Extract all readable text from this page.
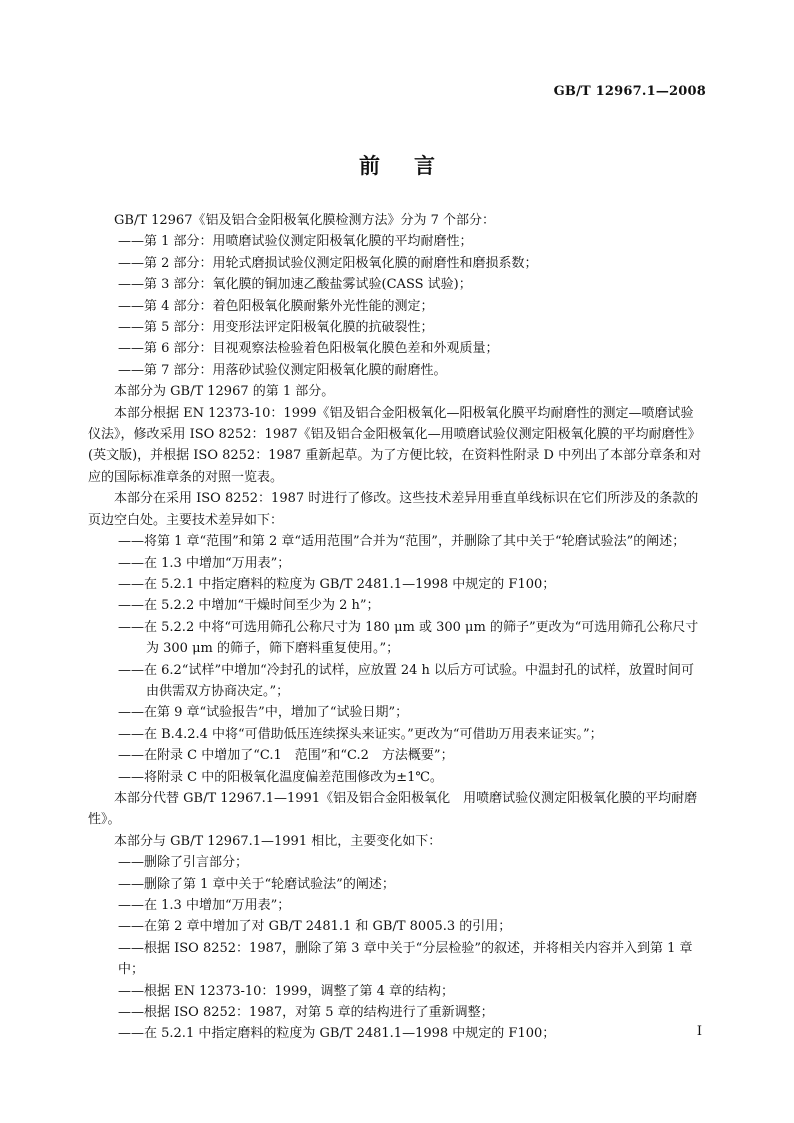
GB/T 12967.1—2008
前言

GB/T 12967《铝及铝合金阳极氧化膜检测方法》分为 7 个部分：

——第 1 部分：用喷磨试验仪测定阳极氧化膜的平均耐磨性；

——第 2 部分：用轮式磨损试验仪测定阳极氧化膜的耐磨性和磨损系数；

——第 3 部分：氧化膜的铜加速乙酸盐雾试验(CASS 试验)；

——第 4 部分：着色阳极氧化膜耐紫外光性能的测定；

——第 5 部分：用变形法评定阳极氧化膜的抗破裂性；

——第 6 部分：目视观察法检验着色阳极氧化膜色差和外观质量；

——第 7 部分：用落砂试验仪测定阳极氧化膜的耐磨性。

本部分为 GB/T 12967 的第 1 部分。

本部分根据 EN 12373-10：1999《铝及铝合金阳极氧化—阳极氧化膜平均耐磨性的测定—喷磨试验仪法》，修改采用 ISO 8252：1987《铝及铝合金阳极氧化—用喷磨试验仪测定阳极氧化膜的平均耐磨性》(英文版)，并根据 ISO 8252：1987 重新起草。为了方便比较，在资料性附录 D 中列出了本部分章条和对应的国际标准章条的对照一览表。

本部分在采用 ISO 8252：1987 时进行了修改。这些技术差异用垂直单线标识在它们所涉及的条款的页边空白处。主要技术差异如下：

——将第 1 章“范围”和第 2 章“适用范围”合并为“范围”，并删除了其中关于“轮磨试验法”的阐述；

——在 1.3 中增加“万用表”；

——在 5.2.1 中指定磨料的粒度为 GB/T 2481.1—1998 中规定的 F100；

——在 5.2.2 中增加“干燥时间至少为 2 h”；

——在 5.2.2 中将“可选用筛孔公称尺寸为 180 μm 或 300 μm 的筛子”更改为“可选用筛孔公称尺寸为 300 μm 的筛子，筛下磨料重复使用。”；

——在 6.2“试样”中增加“冷封孔的试样，应放置 24 h 以后方可试验。中温封孔的试样，放置时间可由供需双方协商决定。”；

——在第 9 章“试验报告”中，增加了“试验日期”；

——在 B.4.2.4 中将“可借助低压连续探头来证实。”更改为“可借助万用表来证实。”；

——在附录 C 中增加了“C.1　范围”和“C.2　方法概要”；

——将附录 C 中的阳极氧化温度偏差范围修改为±1℃。

本部分代替 GB/T 12967.1—1991《铝及铝合金阳极氧化　用喷磨试验仪测定阳极氧化膜的平均耐磨性》。

本部分与 GB/T 12967.1—1991 相比，主要变化如下：

——删除了引言部分；

——删除了第 1 章中关于“轮磨试验法”的阐述；

——在 1.3 中增加“万用表”；

——在第 2 章中增加了对 GB/T 2481.1 和 GB/T 8005.3 的引用；

——根据 ISO 8252：1987，删除了第 3 章中关于“分层检验”的叙述，并将相关内容并入到第 1 章中；

——根据 EN 12373-10：1999，调整了第 4 章的结构；

——根据 ISO 8252：1987，对第 5 章的结构进行了重新调整；

——在 5.2.1 中指定磨料的粒度为 GB/T 2481.1—1998 中规定的 F100；	I
